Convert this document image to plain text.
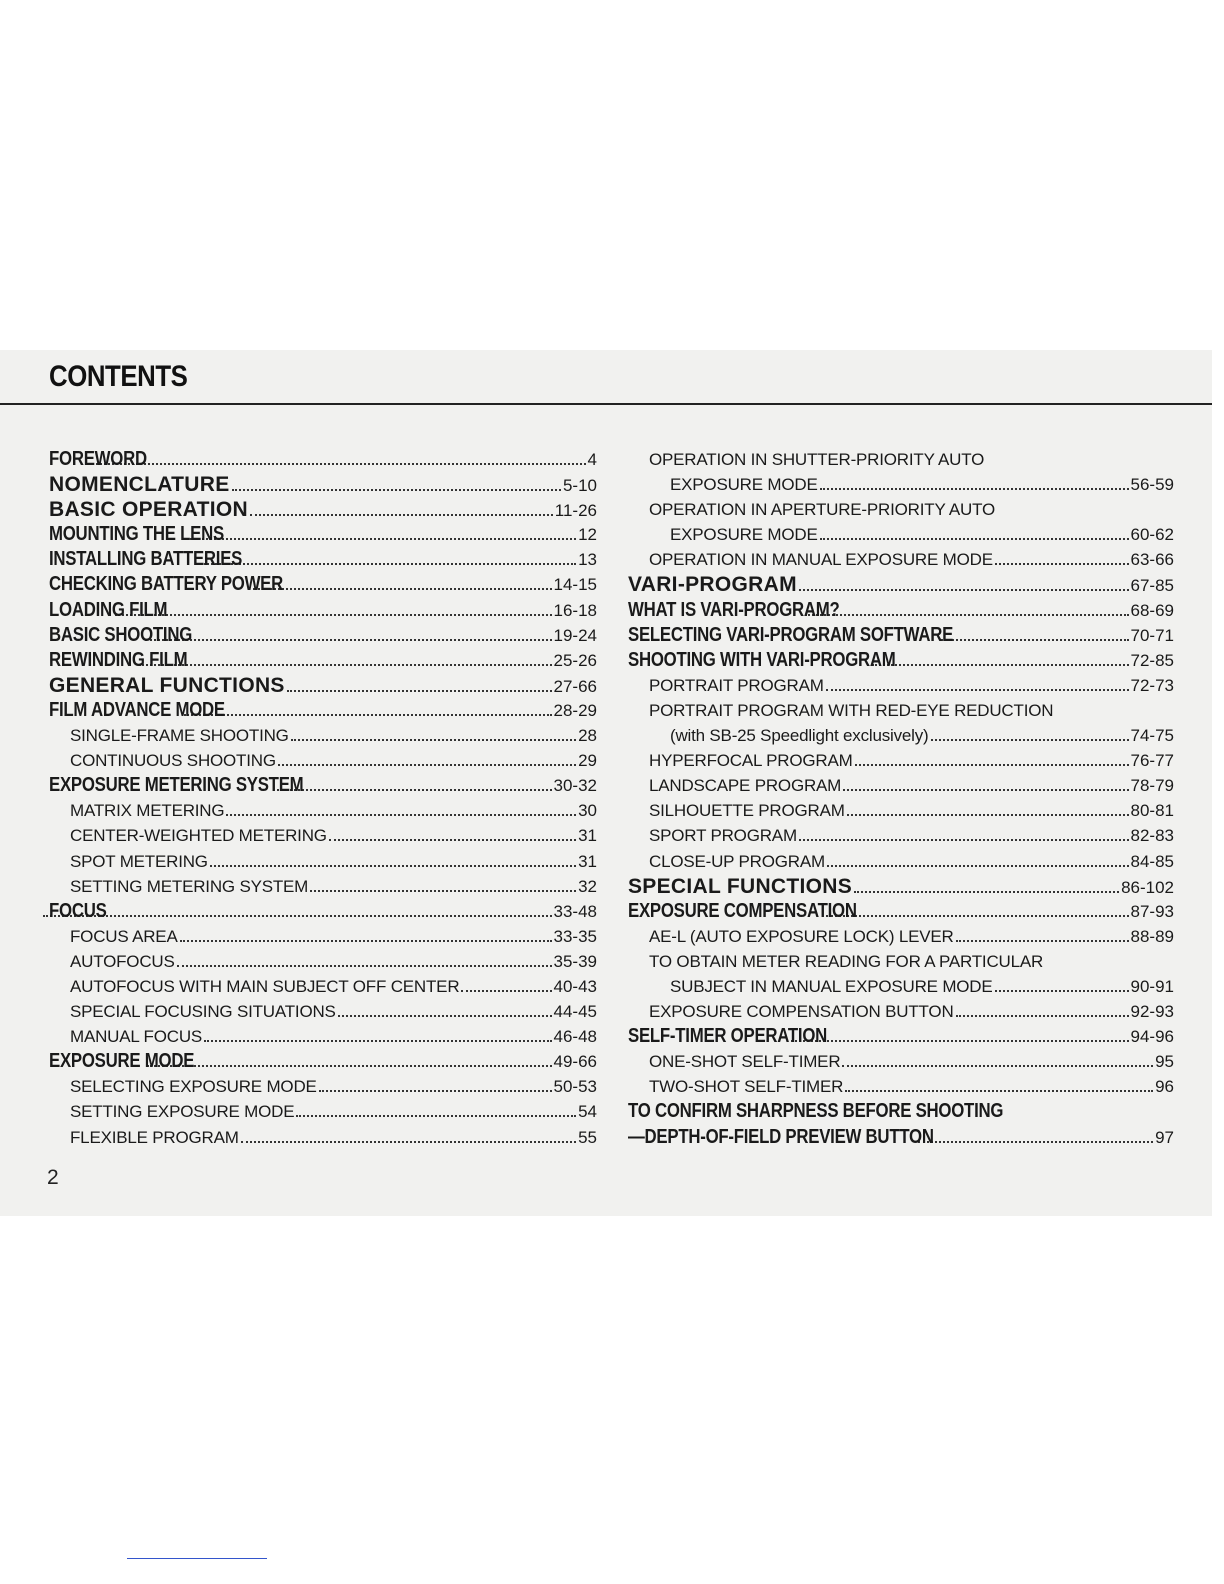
CONTENTS
FOREWORD	4
NOMENCLATURE	5-10
BASIC OPERATION	11-26
MOUNTING THE LENS	12
INSTALLING BATTERIES	13
CHECKING BATTERY POWER	14-15
LOADING FILM	16-18
BASIC SHOOTING	19-24
REWINDING FILM	25-26
GENERAL FUNCTIONS	27-66
FILM ADVANCE MODE	28-29
SINGLE-FRAME SHOOTING	28
CONTINUOUS SHOOTING	29
EXPOSURE METERING SYSTEM	30-32
MATRIX METERING	30
CENTER-WEIGHTED METERING	31
SPOT METERING	31
SETTING METERING SYSTEM	32
FOCUS	33-48
FOCUS AREA	33-35
AUTOFOCUS	35-39
AUTOFOCUS WITH MAIN SUBJECT OFF CENTER	40-43
SPECIAL FOCUSING SITUATIONS	44-45
MANUAL FOCUS	46-48
EXPOSURE MODE	49-66
SELECTING EXPOSURE MODE	50-53
SETTING EXPOSURE MODE	54
FLEXIBLE PROGRAM	55
OPERATION IN SHUTTER-PRIORITY AUTO
EXPOSURE MODE	56-59
OPERATION IN APERTURE-PRIORITY AUTO
EXPOSURE MODE	60-62
OPERATION IN MANUAL EXPOSURE MODE	63-66
VARI-PROGRAM	67-85
WHAT IS VARI-PROGRAM?	68-69
SELECTING VARI-PROGRAM SOFTWARE	70-71
SHOOTING WITH VARI-PROGRAM	72-85
PORTRAIT PROGRAM	72-73
PORTRAIT PROGRAM WITH RED-EYE REDUCTION
(with SB-25 Speedlight exclusively)	74-75
HYPERFOCAL PROGRAM	76-77
LANDSCAPE PROGRAM	78-79
SILHOUETTE PROGRAM	80-81
SPORT PROGRAM	82-83
CLOSE-UP PROGRAM	84-85
SPECIAL FUNCTIONS	86-102
EXPOSURE COMPENSATION	87-93
AE-L (AUTO EXPOSURE LOCK) LEVER	88-89
TO OBTAIN METER READING FOR A PARTICULAR
SUBJECT IN MANUAL EXPOSURE MODE	90-91
EXPOSURE COMPENSATION BUTTON	92-93
SELF-TIMER OPERATION	94-96
ONE-SHOT SELF-TIMER	95
TWO-SHOT SELF-TIMER	96
TO CONFIRM SHARPNESS BEFORE SHOOTING
—DEPTH-OF-FIELD PREVIEW BUTTON	97
2
